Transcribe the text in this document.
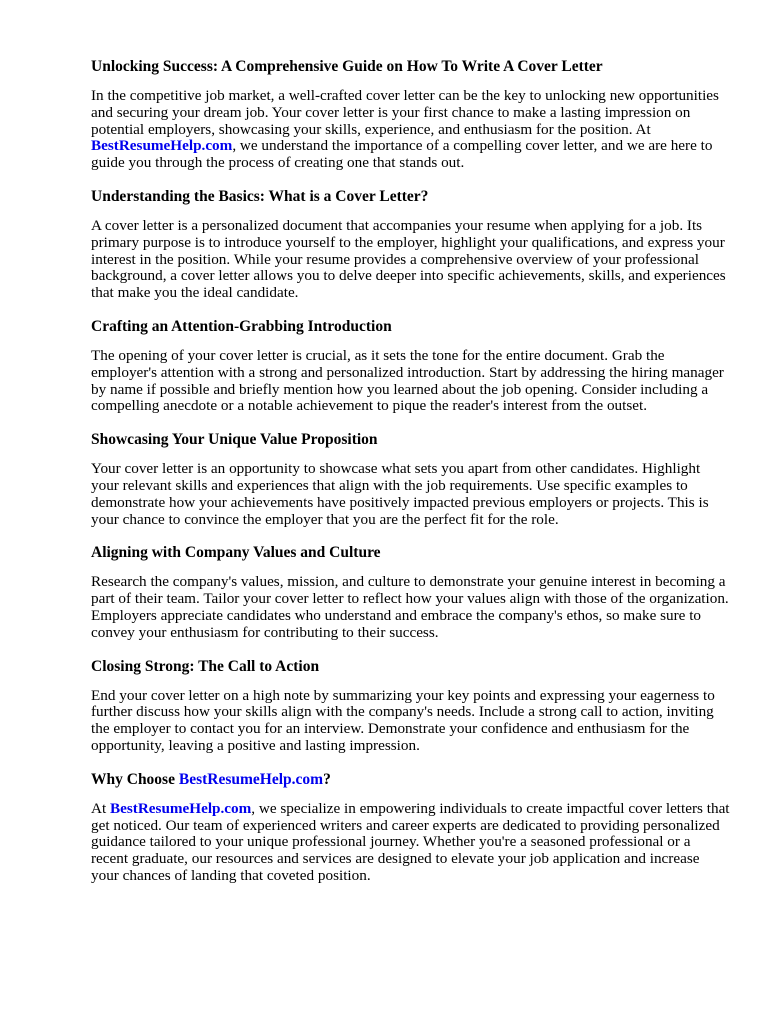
Unlocking Success: A Comprehensive Guide on How To Write A Cover Letter

In the competitive job market, a well-crafted cover letter can be the key to unlocking new opportunities and securing your dream job. Your cover letter is your first chance to make a lasting impression on potential employers, showcasing your skills, experience, and enthusiasm for the position. At BestResumeHelp.com, we understand the importance of a compelling cover letter, and we are here to guide you through the process of creating one that stands out.

Understanding the Basics: What is a Cover Letter?

A cover letter is a personalized document that accompanies your resume when applying for a job. Its primary purpose is to introduce yourself to the employer, highlight your qualifications, and express your interest in the position. While your resume provides a comprehensive overview of your professional background, a cover letter allows you to delve deeper into specific achievements, skills, and experiences that make you the ideal candidate.

Crafting an Attention-Grabbing Introduction

The opening of your cover letter is crucial, as it sets the tone for the entire document. Grab the employer's attention with a strong and personalized introduction. Start by addressing the hiring manager by name if possible and briefly mention how you learned about the job opening. Consider including a compelling anecdote or a notable achievement to pique the reader's interest from the outset.

Showcasing Your Unique Value Proposition

Your cover letter is an opportunity to showcase what sets you apart from other candidates. Highlight your relevant skills and experiences that align with the job requirements. Use specific examples to demonstrate how your achievements have positively impacted previous employers or projects. This is your chance to convince the employer that you are the perfect fit for the role.

Aligning with Company Values and Culture

Research the company's values, mission, and culture to demonstrate your genuine interest in becoming a part of their team. Tailor your cover letter to reflect how your values align with those of the organization. Employers appreciate candidates who understand and embrace the company's ethos, so make sure to convey your enthusiasm for contributing to their success.

Closing Strong: The Call to Action

End your cover letter on a high note by summarizing your key points and expressing your eagerness to further discuss how your skills align with the company's needs. Include a strong call to action, inviting the employer to contact you for an interview. Demonstrate your confidence and enthusiasm for the opportunity, leaving a positive and lasting impression.

Why Choose BestResumeHelp.com?

At BestResumeHelp.com, we specialize in empowering individuals to create impactful cover letters that get noticed. Our team of experienced writers and career experts are dedicated to providing personalized guidance tailored to your unique professional journey. Whether you're a seasoned professional or a recent graduate, our resources and services are designed to elevate your job application and increase your chances of landing that coveted position.
